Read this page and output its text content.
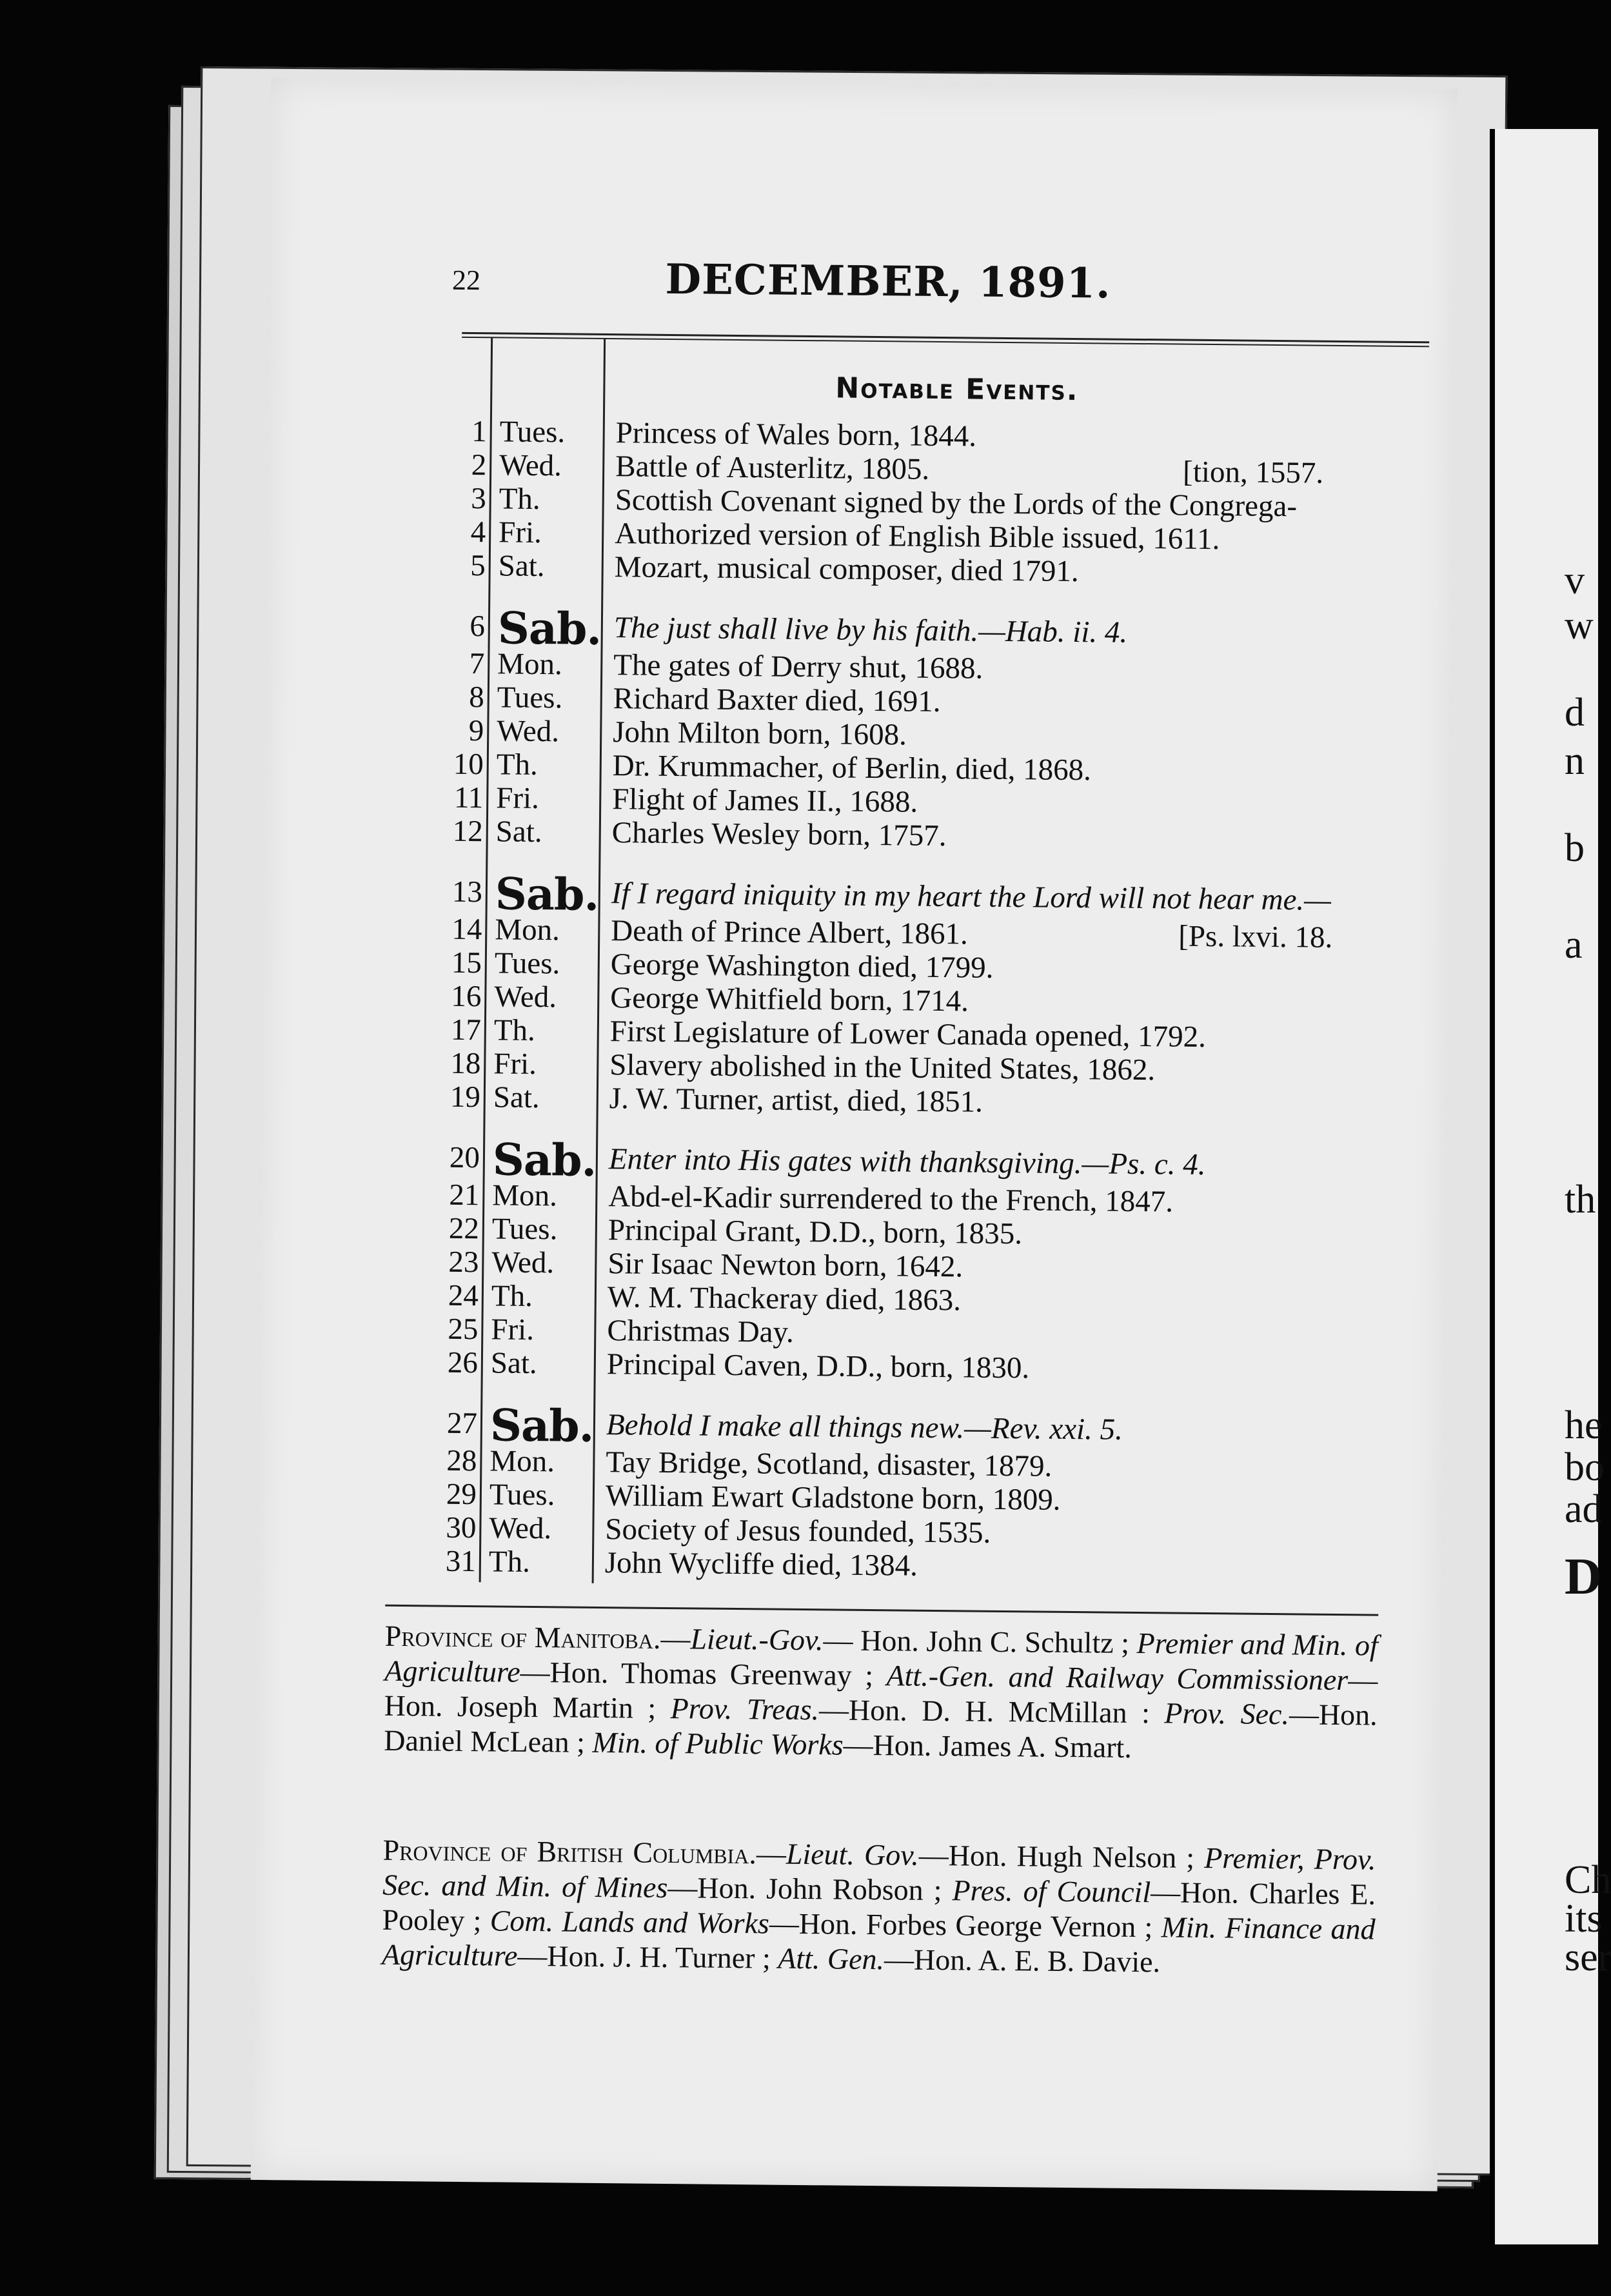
v
w
d
n
b
a
th
he
bo
ad
D
Ch
its
ser
22	DECEMBER, 1891.
Notable Events.
1 Tues.	Princess of Wales born, 1844.
2 Wed.	Battle of Austerlitz, 1805.	[tion, 1557.
3 Th.	Scottish Covenant signed by the Lords of the Congrega-
4 Fri.	Authorized version of English Bible issued, 1611.
5 Sat.	Mozart, musical composer, died 1791.
6 Sab. The just shall live by his faith.—Hab. ii. 4.
7 Mon.	The gates of Derry shut, 1688.
8 Tues.	Richard Baxter died, 1691.
9 Wed.	John Milton born, 1608.
10 Th.	Dr. Krummacher, of Berlin, died, 1868.
11 Fri.	Flight of James II., 1688.
12 Sat.	Charles Wesley born, 1757.
13 Sab. If I regard iniquity in my heart the Lord will not hear me.—
14 Mon.	Death of Prince Albert, 1861.	[Ps. lxvi. 18.
15 Tues.	George Washington died, 1799.
16 Wed.	George Whitfield born, 1714.
17 Th.	First Legislature of Lower Canada opened, 1792.
18 Fri.	Slavery abolished in the United States, 1862.
19 Sat.	J. W. Turner, artist, died, 1851.
20 Sab. Enter into His gates with thanksgiving.—Ps. c. 4.
21 Mon.	Abd-el-Kadir surrendered to the French, 1847.
22 Tues.	Principal Grant, D.D., born, 1835.
23 Wed.	Sir Isaac Newton born, 1642.
24 Th.	W. M. Thackeray died, 1863.
25 Fri.	Christmas Day.
26 Sat.	Principal Caven, D.D., born, 1830.
27 Sab. Behold I make all things new.—Rev. xxi. 5.
28 Mon.	Tay Bridge, Scotland, disaster, 1879.
29 Tues.	William Ewart Gladstone born, 1809.
30 Wed.	Society of Jesus founded, 1535.
31 Th.	John Wycliffe died, 1384.
Province of Manitoba.—Lieut.-Gov.— Hon. John C. Schultz ; Premier and Min. of Agriculture—Hon. Thomas Greenway ; Att.-Gen. and Railway Commissioner—Hon. Joseph Martin ; Prov. Treas.—Hon. D. H. McMillan : Prov. Sec.—Hon. Daniel McLean ; Min. of Public Works—Hon. James A. Smart.
Province of British Columbia.—Lieut. Gov.—Hon. Hugh Nelson ; Premier, Prov. Sec. and Min. of Mines—Hon. John Robson ; Pres. of Council—Hon. Charles E. Pooley ; Com. Lands and Works—Hon. Forbes George Vernon ; Min. Finance and Agriculture—Hon. J. H. Turner ; Att. Gen.—Hon. A. E. B. Davie.
